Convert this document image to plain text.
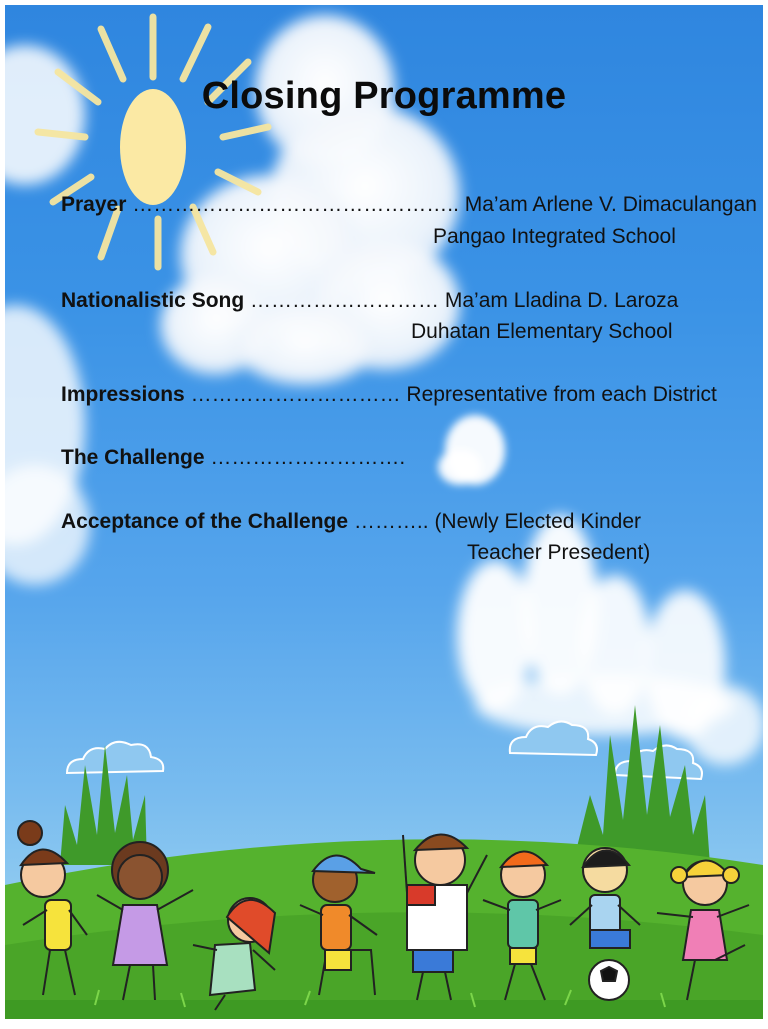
Closing Programme
Prayer ……………………………………….. Ma’am Arlene V. Dimaculangan
Pangao Integrated School
Nationalistic Song ……………………… Ma’am Lladina D. Laroza
Duhatan Elementary School
Impressions ………………………… Representative from each District
The Challenge ……………………….
Acceptance of the Challenge ……….. (Newly Elected Kinder
Teacher Presedent)
